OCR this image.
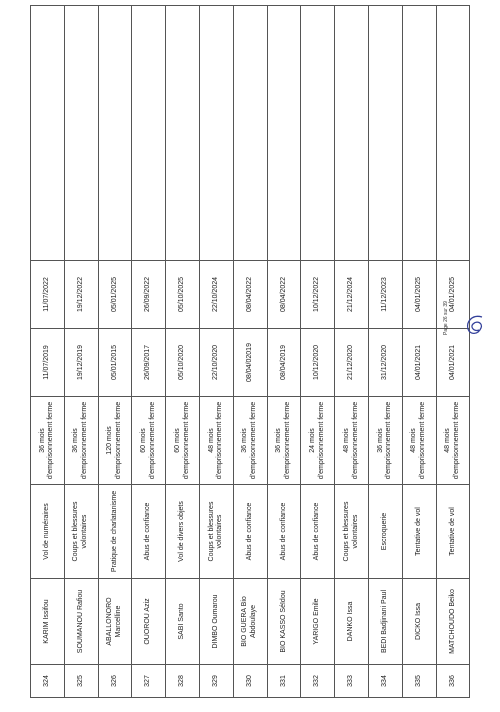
324	KARIM Issifou	Vol de numéraires	36 mois d'emprisonnement ferme	11/07/2019	11/07/2022	
325	SOUMANOU Rafiou	Coups et blessures volontaires	36 mois d'emprisonnement ferme	19/12/2019	19/12/2022	
326	ABALLONORO Marcelline	Pratique de charlatanisme	120 mois d'emprisonnement ferme	05/01/2015	05/01/2025	
327	OUOROU Aziz	Abus de confiance	60 mois d'emprisonnement ferme	26/09/2017	26/09/2022	
328	SABI Santo	Vol de divers objets	60 mois d'emprisonnement ferme	05/10/2020	05/10/2025	
329	DIMBO Oumarou	Coups et blessures volontaires	48 mois d'emprisonnement ferme	22/10/2020	22/10/2024	
330	BIO GUERA Bio Abdoulaye	Abus de confiance	36 mois d'emprisonnement ferme	08/04/02019	08/04/2022	
331	BIO KASSO Séïdou	Abus de confiance	36 mois d'emprisonnement ferme	08/04/2019	08/04/2022	
332	YARIGO Emile	Abus de confiance	24 mois d'emprisonnement ferme	10/12/2020	10/12/2022	
333	DANKO Issa	Coups et blessures volontaires	48 mois d'emprisonnement ferme	21/12/2020	21/12/2024	
334	BEDI Badjinani Paul	Escroquerie	36 mois d'emprisonnement ferme	31/12/2020	11/12/2023	
335	DICKO Issa	Tentative de vol	48 mois d'emprisonnement ferme	04/01/2021	04/01/2025	
336	MATCHOUDO Beiko	Tentative de vol	48 mois d'emprisonnement ferme	04/01/2021	04/01/2025	
Page 26 sur 39
